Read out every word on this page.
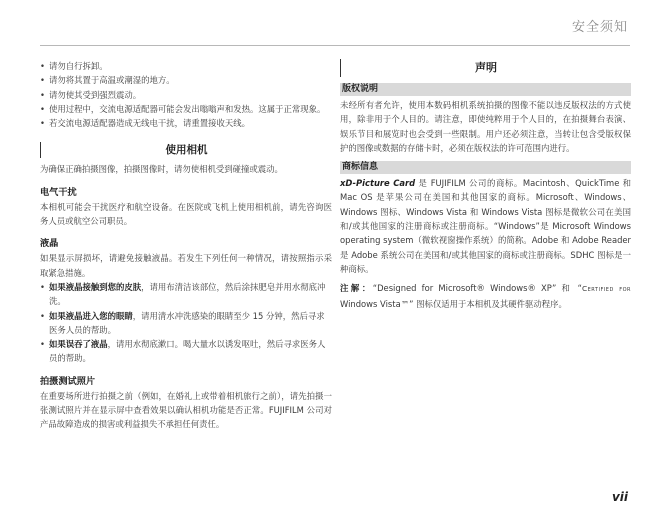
安全须知
• 请勿自行拆卸。
• 请勿将其置于高温或潮湿的地方。
• 请勿使其受到强烈震动。
• 使用过程中，交流电源适配器可能会发出嗡嗡声和发热。这属于正常现象。
• 若交流电源适配器造成无线电干扰，请重置接收天线。
使用相机

为确保正确拍摄图像，拍摄图像时，请勿使相机受到碰撞或震动。

电气干扰

本相机可能会干扰医疗和航空设备。在医院或飞机上使用相机前，请先咨询医务人员或航空公司职员。

液晶

如果显示屏损坏，请避免接触液晶。若发生下列任何一种情况，请按照指示采取紧急措施。

• 如果液晶接触到您的皮肤，请用布清洁该部位，然后涂抹肥皂并用水彻底冲洗。
• 如果液晶进入您的眼睛，请用清水冲洗感染的眼睛至少 15 分钟，然后寻求医务人员的帮助。
• 如果误吞了液晶，请用水彻底漱口。喝大量水以诱发呕吐，然后寻求医务人员的帮助。
拍摄测试照片

在重要场所进行拍摄之前（例如，在婚礼上或带着相机旅行之前），请先拍摄一张测试照片并在显示屏中查看效果以确认相机功能是否正常。FUJIFILM 公司对产品故障造成的损害或利益损失不承担任何责任。

声明
版权说明

未经所有者允许，使用本数码相机系统拍摄的图像不能以违反版权法的方式使用，除非用于个人目的。请注意，即使纯粹用于个人目的，在拍摄舞台表演、娱乐节目和展览时也会受到一些限制。用户还必须注意，当转让包含受版权保护的图像或数据的存储卡时，必须在版权法的许可范围内进行。

商标信息

xD-Picture Card 是 FUJIFILM 公司的商标。Macintosh、QuickTime 和 Mac OS 是苹果公司在美国和其他国家的商标。Microsoft、Windows、Windows 图标、Windows Vista 和 Windows Vista 图标是微软公司在美国和/或其他国家的注册商标或注册商标。“Windows”是 Microsoft Windows operating system（微软视窗操作系统）的简称。Adobe 和 Adobe Reader 是 Adobe 系统公司在美国和/或其他国家的商标或注册商标。SDHC 图标是一种商标。

注解：“Designed for Microsoft® Windows® XP” 和 “Certified for Windows Vista™” 图标仅适用于本相机及其硬件驱动程序。

vii
